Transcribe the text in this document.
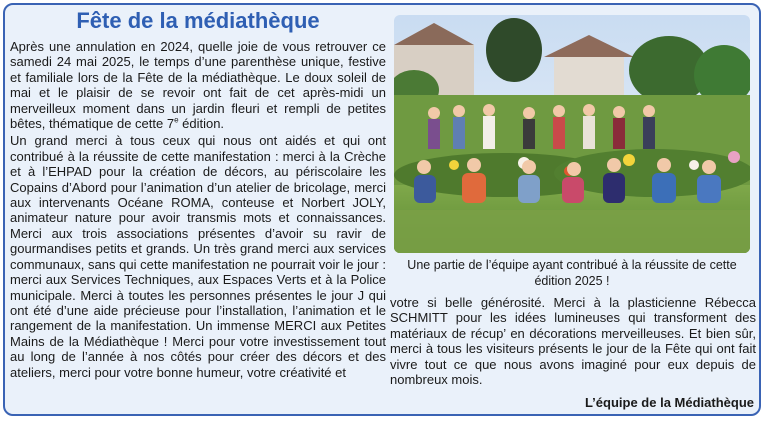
Fête de la médiathèque

Après une annulation en 2024, quelle joie de vous retrouver ce samedi 24 mai 2025, le temps d’une parenthèse unique, festive et familiale lors de la Fête de la médiathèque. Le doux soleil de mai et le plaisir de se revoir ont fait de cet après-midi un merveilleux moment dans un jardin fleuri et rempli de petites bêtes, thématique de cette 7e édition.

Un grand merci à tous ceux qui nous ont aidés et qui ont contribué à la réussite de cette manifestation : merci à la Crèche et à l’EHPAD pour la création de décors, au périscolaire les Copains d’Abord pour l’animation d’un atelier de bricolage, merci aux intervenants Océane ROMA, conteuse et Norbert JOLY, animateur nature pour avoir transmis mots et connaissances. Merci aux trois associations présentes d’avoir su ravir de gourmandises petits et grands. Un très grand merci aux services communaux, sans qui cette manifestation ne pourrait voir le jour : merci aux Services Techniques, aux Espaces Verts et à la Police municipale. Merci à toutes les personnes présentes le jour J qui ont été d’une aide précieuse pour l’installation, l’animation et le rangement de la manifestation. Un immense MERCI aux Petites Mains de la Médiathèque ! Merci pour votre investissement tout au long de l’année à nos côtés pour créer des décors et des ateliers, merci pour votre bonne humeur, votre créativité et

Une partie de l’équipe ayant contribué à la réussite de cette édition 2025 !

votre si belle générosité. Merci à la plasticienne Rébecca SCHMITT pour les idées lumineuses qui transforment des matériaux de récup’ en décorations merveilleuses. Et bien sûr, merci à tous les visiteurs présents le jour de la Fête qui ont fait vivre tout ce que nous avons imaginé pour eux depuis de nombreux mois.

L’équipe de la Médiathèque
